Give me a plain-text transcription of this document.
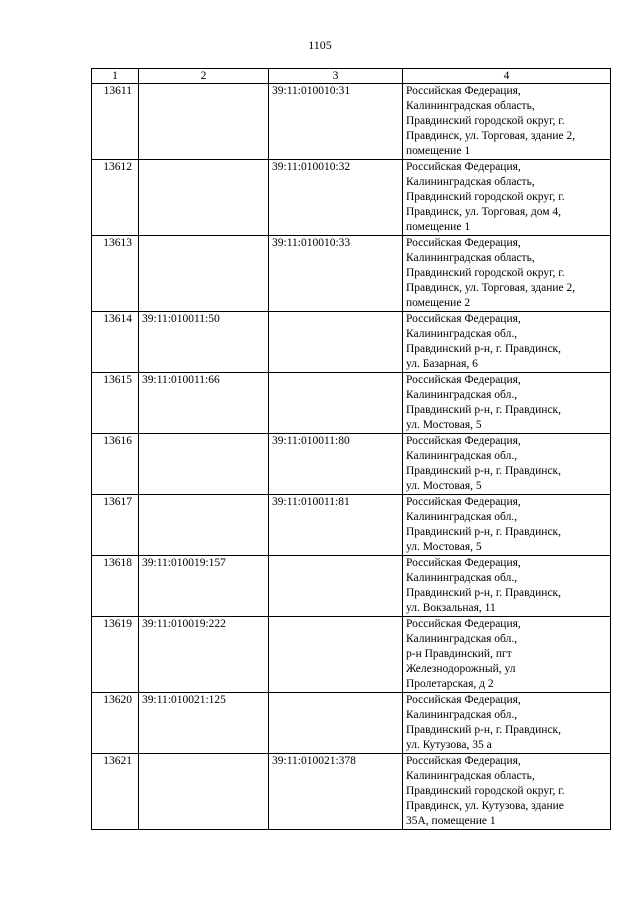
1105
1	2	3	4
13611		39:11:010010:31	Российская Федерация,
Калининградская область,
Правдинский городской округ, г.
Правдинск, ул. Торговая, здание 2,
помещение 1

13612		39:11:010010:32	Российская Федерация,
Калининградская область,
Правдинский городской округ, г.
Правдинск, ул. Торговая, дом 4,
помещение 1

13613		39:11:010010:33	Российская Федерация,
Калининградская область,
Правдинский городской округ, г.
Правдинск, ул. Торговая, здание 2,
помещение 2

13614	39:11:010011:50		Российская Федерация,
Калининградская обл.,
Правдинский р-н, г. Правдинск,
ул. Базарная, 6

13615	39:11:010011:66		Российская Федерация,
Калининградская обл.,
Правдинский р-н, г. Правдинск,
ул. Мостовая, 5

13616		39:11:010011:80	Российская Федерация,
Калининградская обл.,
Правдинский р-н, г. Правдинск,
ул. Мостовая, 5

13617		39:11:010011:81	Российская Федерация,
Калининградская обл.,
Правдинский р-н, г. Правдинск,
ул. Мостовая, 5

13618	39:11:010019:157		Российская Федерация,
Калининградская обл.,
Правдинский р-н, г. Правдинск,
ул. Вокзальная, 11

13619	39:11:010019:222		Российская Федерация,
Калининградская обл.,
р-н Правдинский, пгт
Железнодорожный, ул
Пролетарская, д 2

13620	39:11:010021:125		Российская Федерация,
Калининградская обл.,
Правдинский р-н, г. Правдинск,
ул. Кутузова, 35 а

13621		39:11:010021:378	Российская Федерация,
Калининградская область,
Правдинский городской округ, г.
Правдинск, ул. Кутузова, здание
35А, помещение 1
